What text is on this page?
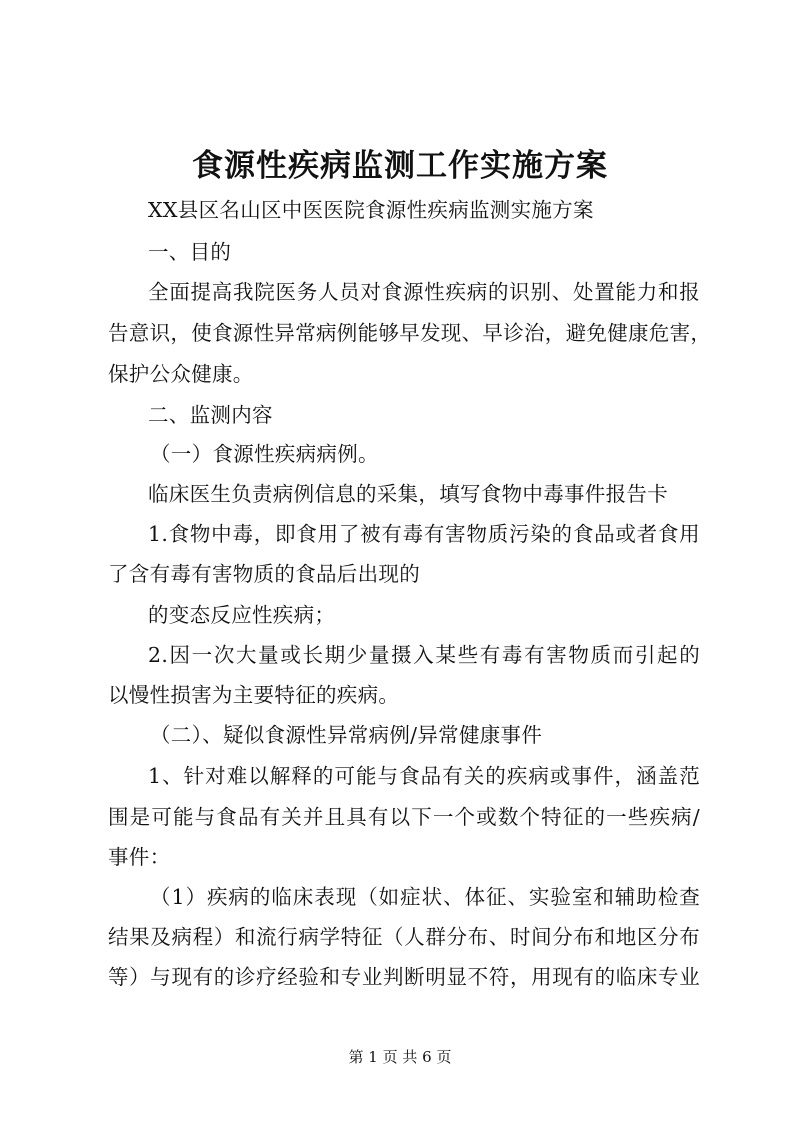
食源性疾病监测工作实施方案
XX县区名山区中医医院食源性疾病监测实施方案
一、目的
全面提高我院医务人员对食源性疾病的识别、处置能力和报
告意识，使食源性异常病例能够早发现、早诊治，避免健康危害，
保护公众健康。
二、监测内容
（一）食源性疾病病例。
临床医生负责病例信息的采集，填写食物中毒事件报告卡
1.食物中毒，即食用了被有毒有害物质污染的食品或者食用
了含有毒有害物质的食品后出现的
的变态反应性疾病；
2.因一次大量或长期少量摄入某些有毒有害物质而引起的
以慢性损害为主要特征的疾病。
（二）、疑似食源性异常病例/异常健康事件
1、针对难以解释的可能与食品有关的疾病或事件，涵盖范
围是可能与食品有关并且具有以下一个或数个特征的一些疾病/
事件：
（1）疾病的临床表现（如症状、体征、实验室和辅助检查
结果及病程）和流行病学特征（人群分布、时间分布和地区分布
等）与现有的诊疗经验和专业判断明显不符，用现有的临床专业
第 1 页 共 6 页
